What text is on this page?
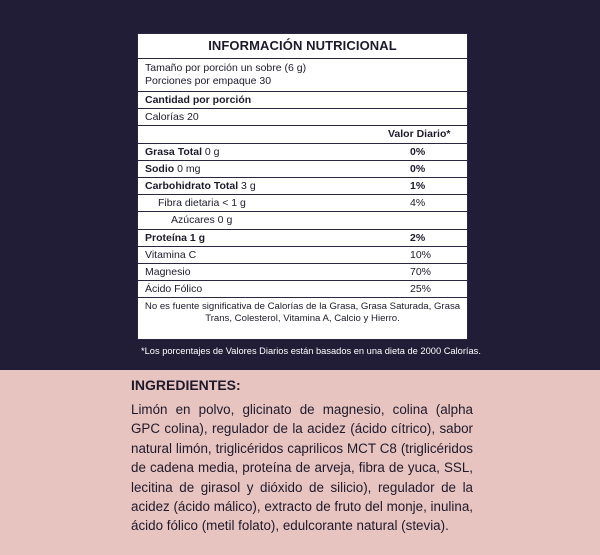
INFORMACIÓN NUTRICIONAL
Tamaño por porción un sobre (6 g)
Porciones por empaque 30
Cantidad por porción
Calorías 20
Valor Diario*
Grasa Total 0 g	0%
Sodio 0 mg	0%
Carbohidrato Total 3 g	1%
Fibra dietaria < 1 g	4%
Azúcares 0 g
Proteína 1 g	2%
Vitamina C	10%
Magnesio	70%
Ácido Fólico	25%
No es fuente significativa de Calorías de la Grasa, Grasa Saturada, Grasa Trans, Colesterol, Vitamina A, Calcio y Hierro.
*Los porcentajes de Valores Diarios están basados en una dieta de 2000 Calorías.
INGREDIENTES:
Limón en polvo, glicinato de magnesio, colina (alpha GPC colina), regulador de la acidez (ácido cítrico), sabor natural limón, triglicéridos caprilicos MCT C8 (triglicéridos de cadena media, proteína de arveja, fibra de yuca, SSL, lecitina de girasol y dióxido de silicio), regulador de la acidez (ácido málico), extracto de fruto del monje, inulina, ácido fólico (metil folato), edulcorante natural (stevia).
